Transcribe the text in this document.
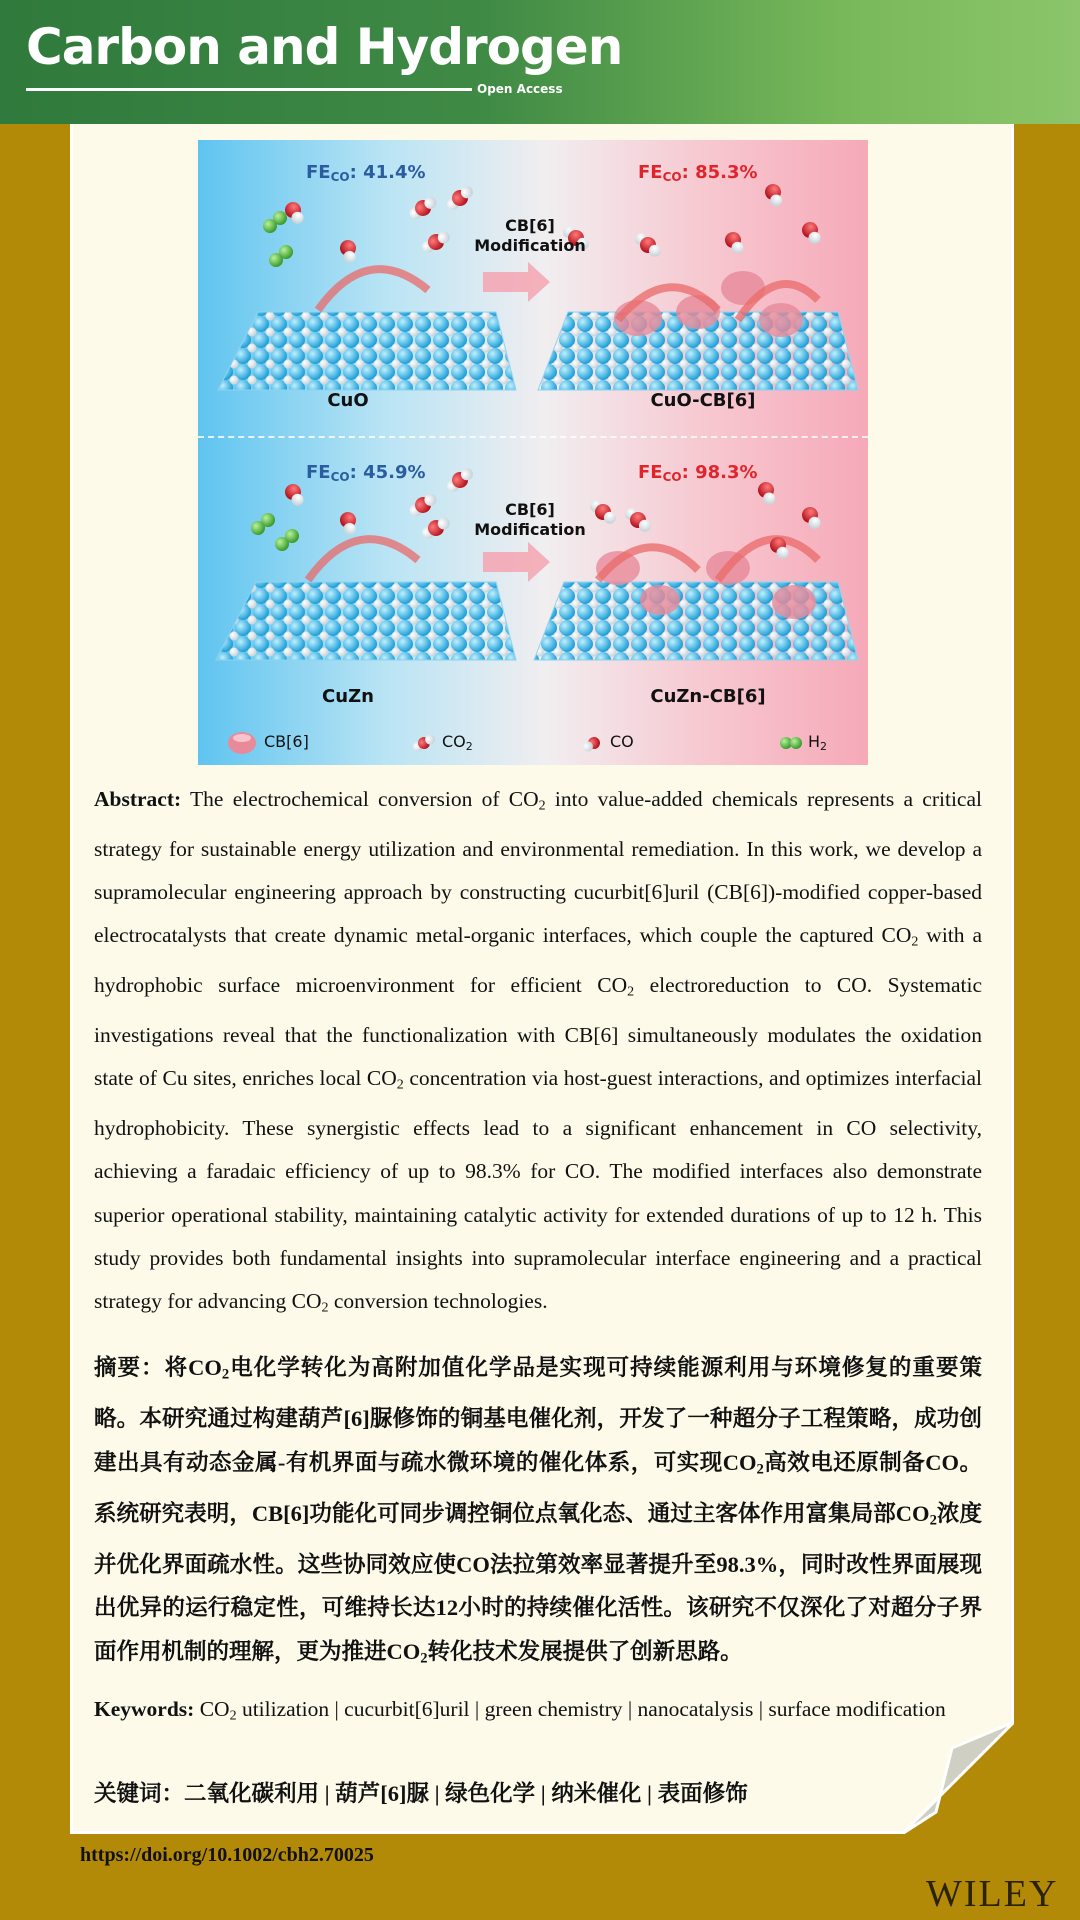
Carbon and Hydrogen
Open Access
$FE_{CO}$: 41.4%	$FE_{CO}$: 85.3%
$FE_{CO}$: 45.9%	$FE_{CO}$: 98.3%
CB[6]
Modification
CB[6]
Modification
CuO	CuO-CB[6]
CuZn	CuZn-CB[6]
CB[6]	$CO_2$	CO	$H_2$
Abstract: The electrochemical conversion of $CO_2$ into value-added chemicals represents a critical strategy for sustainable energy utilization and environmental remediation. In this work, we develop a supramolecular engineering approach by constructing cucurbit[6]uril (CB[6])-modified copper-based electrocatalysts that create dynamic metal-organic interfaces, which couple the captured $CO_2$ with a hydrophobic surface microenvironment for efficient $CO_2$ electroreduction to CO. Systematic investigations reveal that the functionalization with CB[6] simultaneously modulates the oxidation state of Cu sites, enriches local $CO_2$ concentration via host-guest interactions, and optimizes interfacial hydrophobicity. These synergistic effects lead to a significant enhancement in CO selectivity, achieving a faradaic efficiency of up to 98.3% for CO. The modified interfaces also demonstrate superior operational stability, maintaining catalytic activity for extended durations of up to 12 h. This study provides both fundamental insights into supramolecular interface engineering and a practical strategy for advancing $CO_2$ conversion technologies.
摘要：将$CO_2$电化学转化为高附加值化学品是实现可持续能源利用与环境修复的重要策略。本研究通过构建葫芦[6]脲修饰的铜基电催化剂，开发了一种超分子工程策略，成功创建出具有动态金属-有机界面与疏水微环境的催化体系，可实现$CO_2$高效电还原制备CO。系统研究表明，CB[6]功能化可同步调控铜位点氧化态、通过主客体作用富集局部$CO_2$浓度并优化界面疏水性。这些协同效应使CO法拉第效率显著提升至98.3%，同时改性界面展现出优异的运行稳定性，可维持长达12小时的持续催化活性。该研究不仅深化了对超分子界面作用机制的理解，更为推进$CO_2$转化技术发展提供了创新思路。
Keywords: $CO_2$ utilization | cucurbit[6]uril | green chemistry | nanocatalysis | surface modification
关键词：二氧化碳利用 | 葫芦[6]脲 | 绿色化学 | 纳米催化 | 表面修饰
https://doi.org/10.1002/cbh2.70025
WILEY
